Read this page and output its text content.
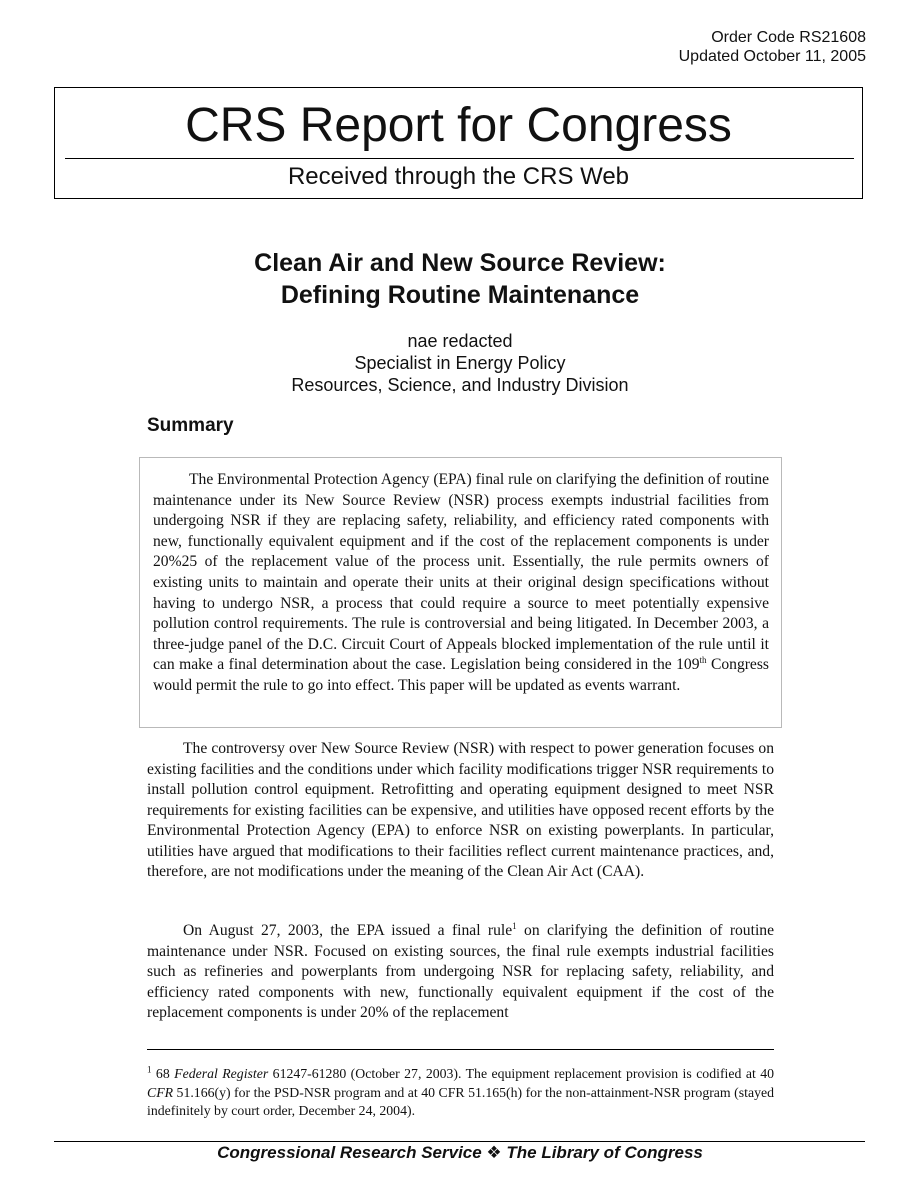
Order Code RS21608
Updated October 11, 2005
CRS Report for Congress
Received through the CRS Web
Clean Air and New Source Review:
Defining Routine Maintenance
nae redacted
Specialist in Energy Policy
Resources, Science, and Industry Division
Summary

The Environmental Protection Agency (EPA) final rule on clarifying the definition of routine maintenance under its New Source Review (NSR) process exempts industrial facilities from undergoing NSR if they are replacing safety, reliability, and efficiency rated components with new, functionally equivalent equipment and if the cost of the replacement components is under 20%25 of the replacement value of the process unit. Essentially, the rule permits owners of existing units to maintain and operate their units at their original design specifications without having to undergo NSR, a process that could require a source to meet potentially expensive pollution control requirements. The rule is controversial and being litigated. In December 2003, a three-judge panel of the D.C. Circuit Court of Appeals blocked implementation of the rule until it can make a final determination about the case. Legislation being considered in the 109th Congress would permit the rule to go into effect. This paper will be updated as events warrant.

The controversy over New Source Review (NSR) with respect to power generation focuses on existing facilities and the conditions under which facility modifications trigger NSR requirements to install pollution control equipment. Retrofitting and operating equipment designed to meet NSR requirements for existing facilities can be expensive, and utilities have opposed recent efforts by the Environmental Protection Agency (EPA) to enforce NSR on existing powerplants. In particular, utilities have argued that modifications to their facilities reflect current maintenance practices, and, therefore, are not modifications under the meaning of the Clean Air Act (CAA).

On August 27, 2003, the EPA issued a final rule$^1$ on clarifying the definition of routine maintenance under NSR. Focused on existing sources, the final rule exempts industrial facilities such as refineries and powerplants from undergoing NSR for replacing safety, reliability, and efficiency rated components with new, functionally equivalent equipment if the cost of the replacement components is under 20% of the replacement

$^1$ 68 Federal Register 61247-61280 (October 27, 2003). The equipment replacement provision is codified at 40 CFR 51.166(y) for the PSD-NSR program and at 40 CFR 51.165(h) for the non-attainment-NSR program (stayed indefinitely by court order, December 24, 2004).

Congressional Research Service ❖ The Library of Congress
